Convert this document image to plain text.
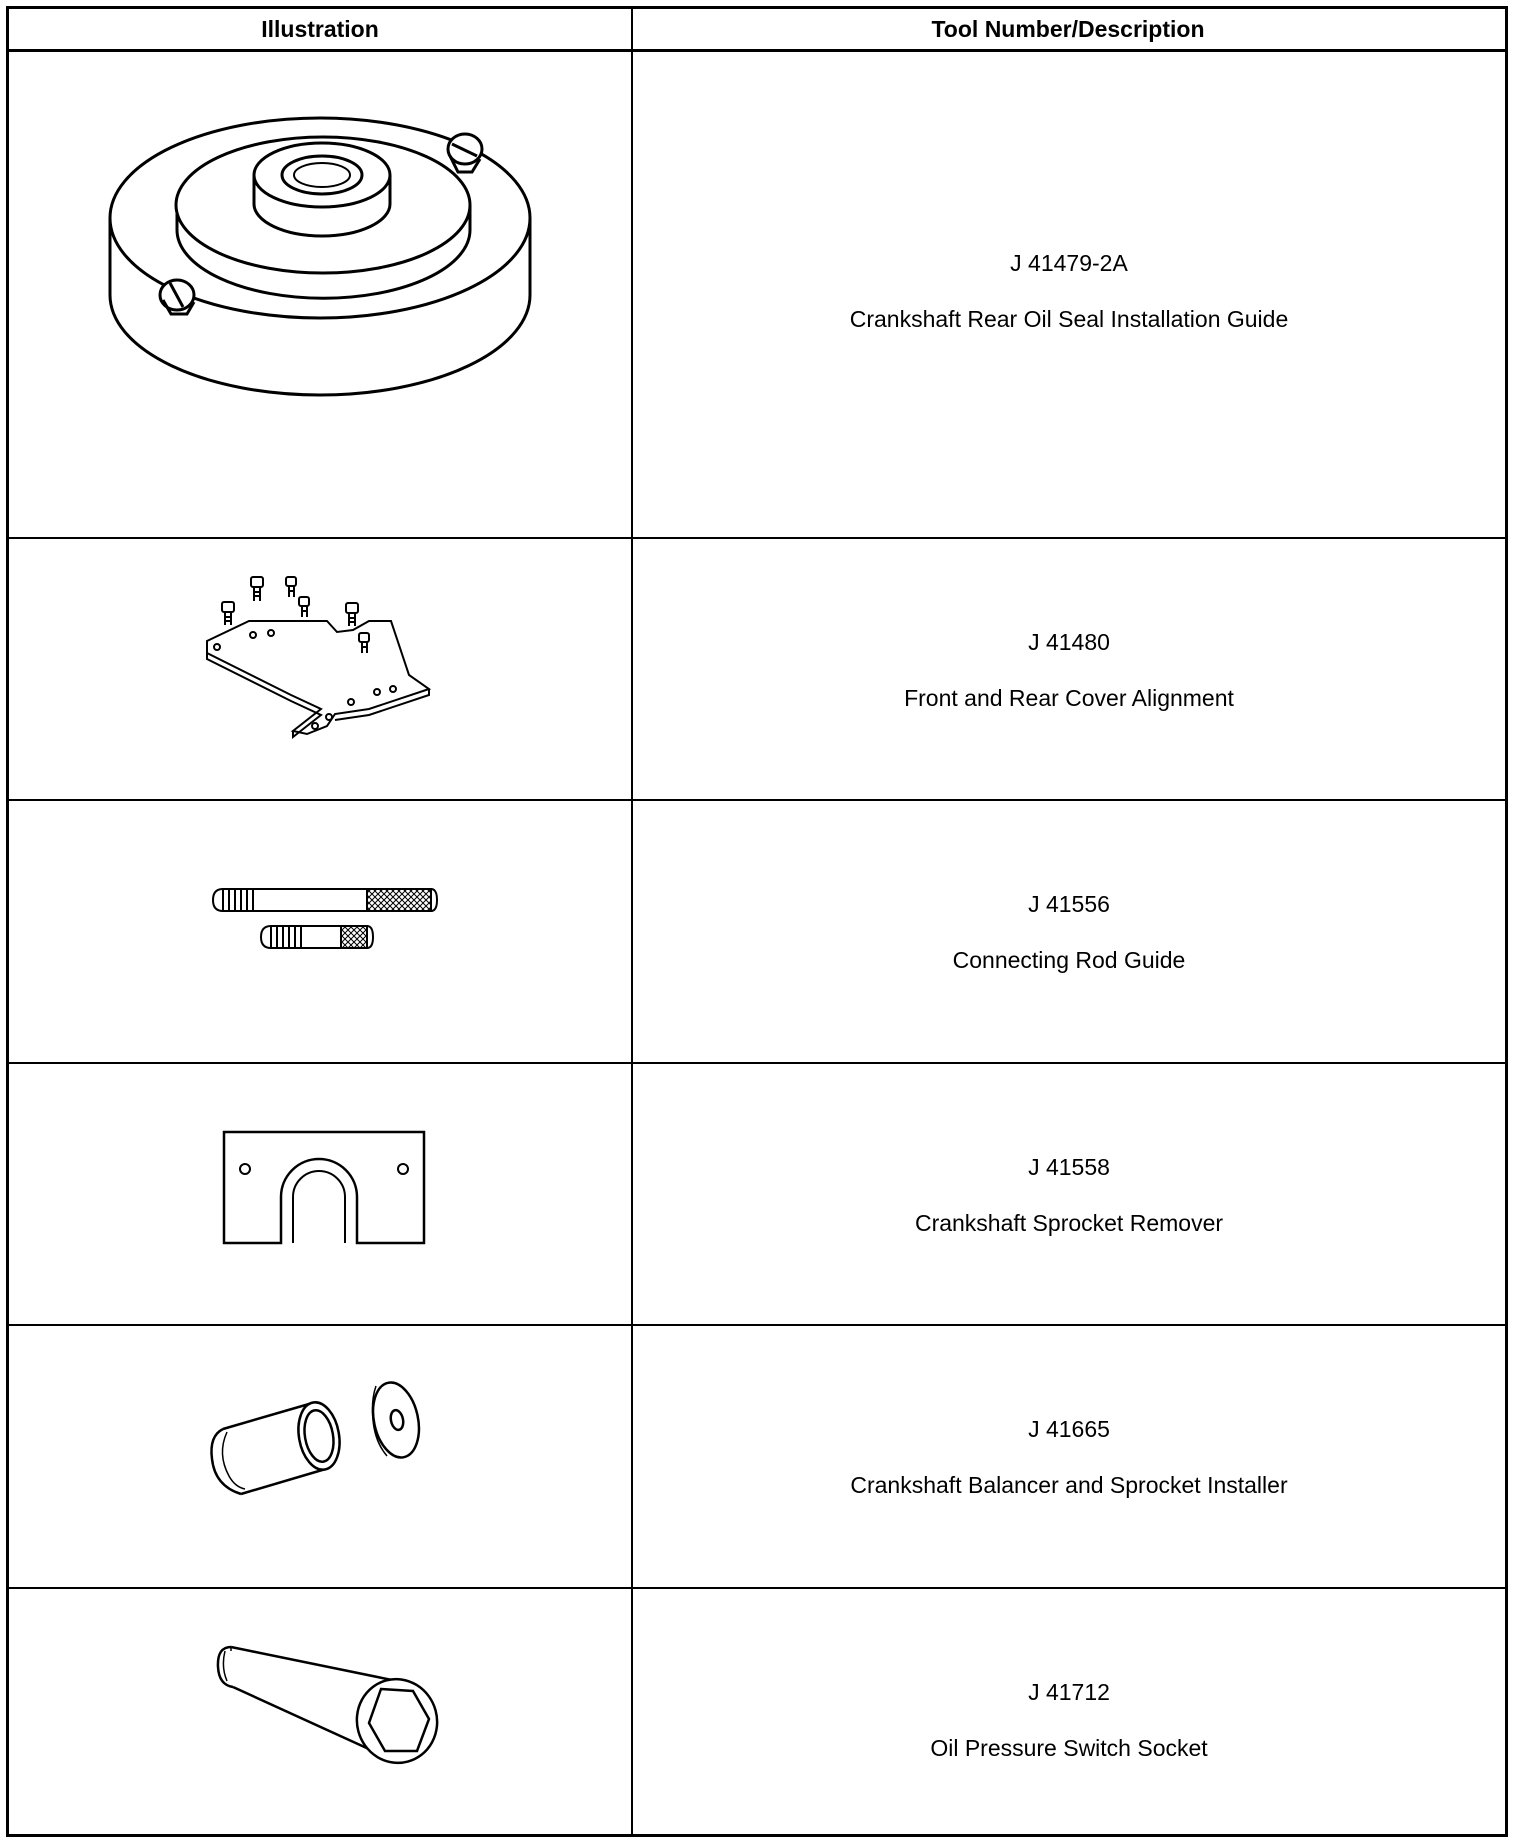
Illustration	Tool Number/Description
J 41479-2A
Crankshaft Rear Oil Seal Installation Guide
J 41480
Front and Rear Cover Alignment
J 41556
Connecting Rod Guide
J 41558
Crankshaft Sprocket Remover
J 41665
Crankshaft Balancer and Sprocket Installer
J 41712
Oil Pressure Switch Socket
